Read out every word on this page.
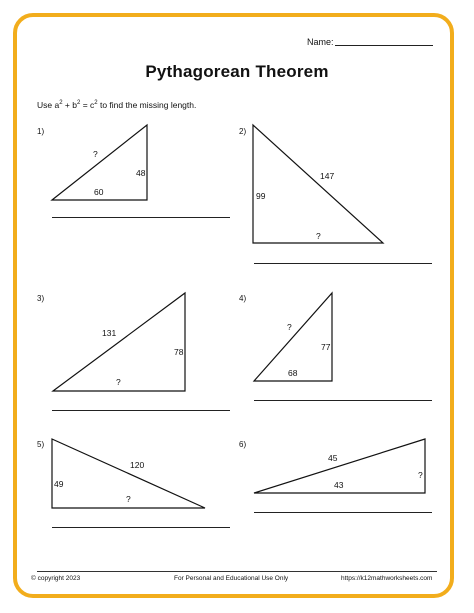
Name:
Pythagorean Theorem
Use $a^2 + b^2 = c^2$ to find the missing length.
1)
?
48
60
2)
147
99
?
3)
131
78
?
4)
?
77
68
5)
120
49
?
6)
45
?
43
© copyright 2023	For Personal and Educational Use Only	https://k12mathworksheets.com
